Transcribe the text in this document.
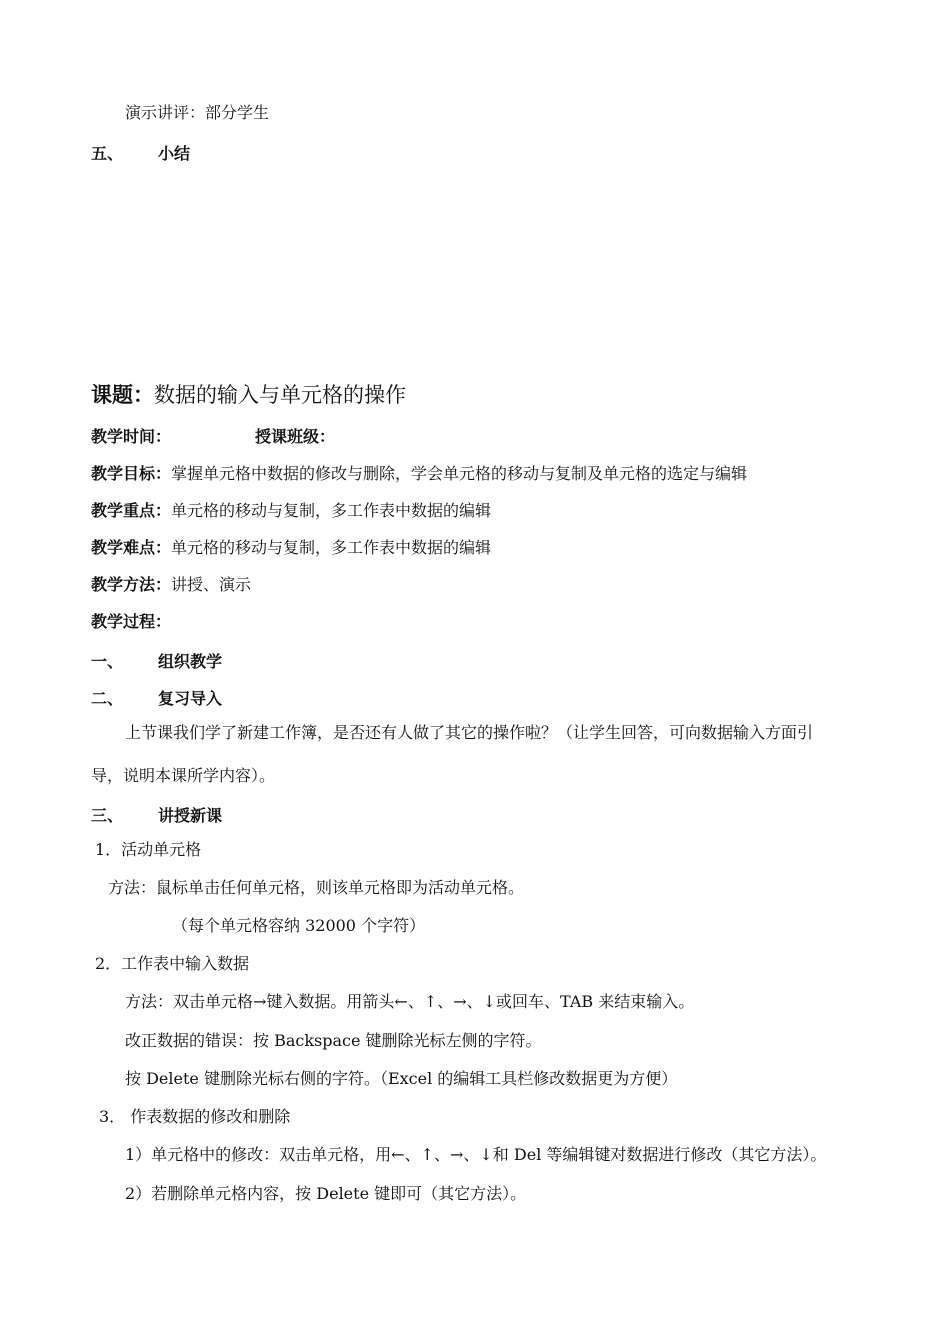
演示讲评：部分学生
五、 小结
课题：数据的输入与单元格的操作
教学时间：	授课班级：
教学目标：掌握单元格中数据的修改与删除，学会单元格的移动与复制及单元格的选定与编辑
教学重点：单元格的移动与复制，多工作表中数据的编辑
教学难点：单元格的移动与复制，多工作表中数据的编辑
教学方法：讲授、演示
教学过程：
一、 组织教学
二、 复习导入
上节课我们学了新建工作簿，是否还有人做了其它的操作啦？（让学生回答，可向数据输入方面引
导，说明本课所学内容）。
三、 讲授新课
1．活动单元格
方法：鼠标单击任何单元格，则该单元格即为活动单元格。
（每个单元格容纳 32000 个字符）
2．工作表中输入数据
方法：双击单元格→键入数据。用箭头←、↑、→、↓或回车、TAB 来结束输入。
改正数据的错误：按 Backspace 键删除光标左侧的字符。
按 Delete 键删除光标右侧的字符。（Excel 的编辑工具栏修改数据更为方便）
3． 作表数据的修改和删除
1）单元格中的修改：双击单元格，用←、↑、→、↓和 Del 等编辑键对数据进行修改（其它方法）。
2）若删除单元格内容，按 Delete 键即可（其它方法）。
